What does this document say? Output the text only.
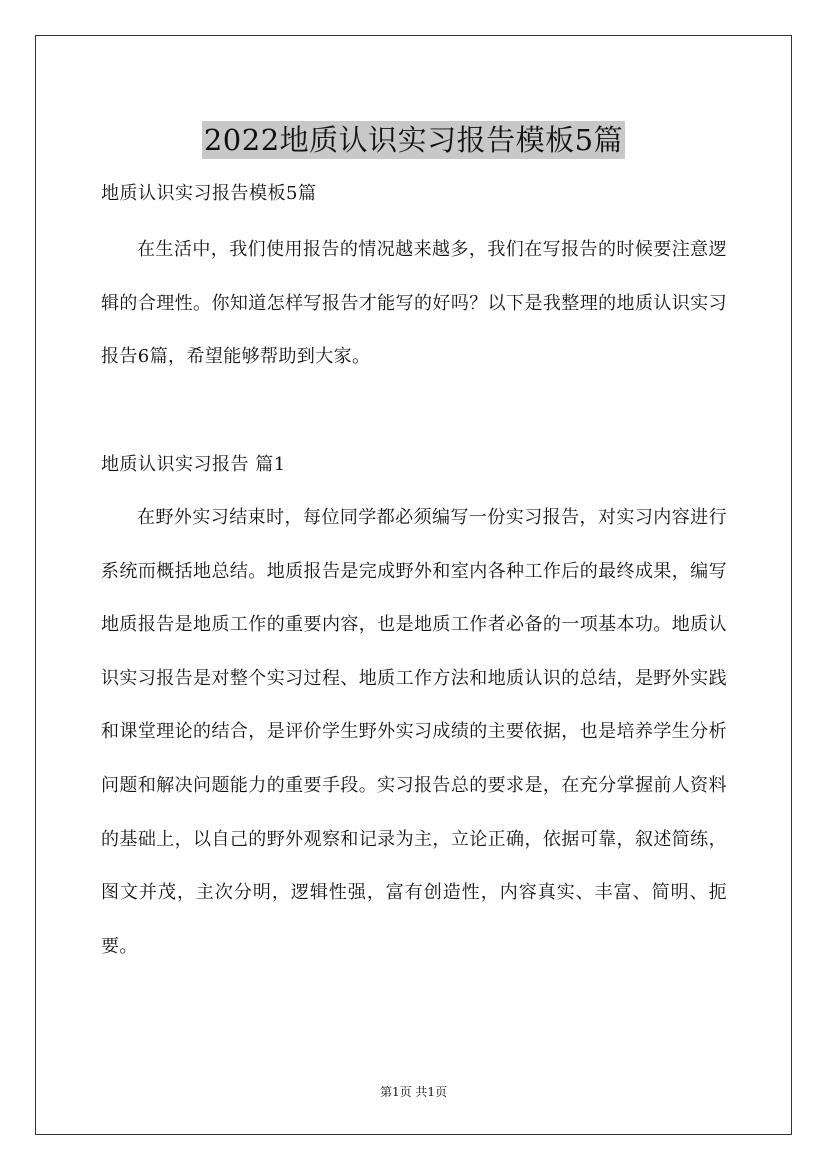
2022地质认识实习报告模板5篇
地质认识实习报告模板5篇

在生活中，我们使用报告的情况越来越多，我们在写报告的时候要注意逻辑的合理性。你知道怎样写报告才能写的好吗？以下是我整理的地质认识实习报告6篇，希望能够帮助到大家。

地质认识实习报告 篇1

在野外实习结束时，每位同学都必须编写一份实习报告，对实习内容进行系统而概括地总结。地质报告是完成野外和室内各种工作后的最终成果，编写地质报告是地质工作的重要内容，也是地质工作者必备的一项基本功。地质认识实习报告是对整个实习过程、地质工作方法和地质认识的总结，是野外实践和课堂理论的结合，是评价学生野外实习成绩的主要依据，也是培养学生分析问题和解决问题能力的重要手段。实习报告总的要求是，在充分掌握前人资料的基础上，以自己的野外观察和记录为主，立论正确，依据可靠，叙述简练，图文并茂，主次分明，逻辑性强，富有创造性，内容真实、丰富、简明、扼要。

第1页 共1页
